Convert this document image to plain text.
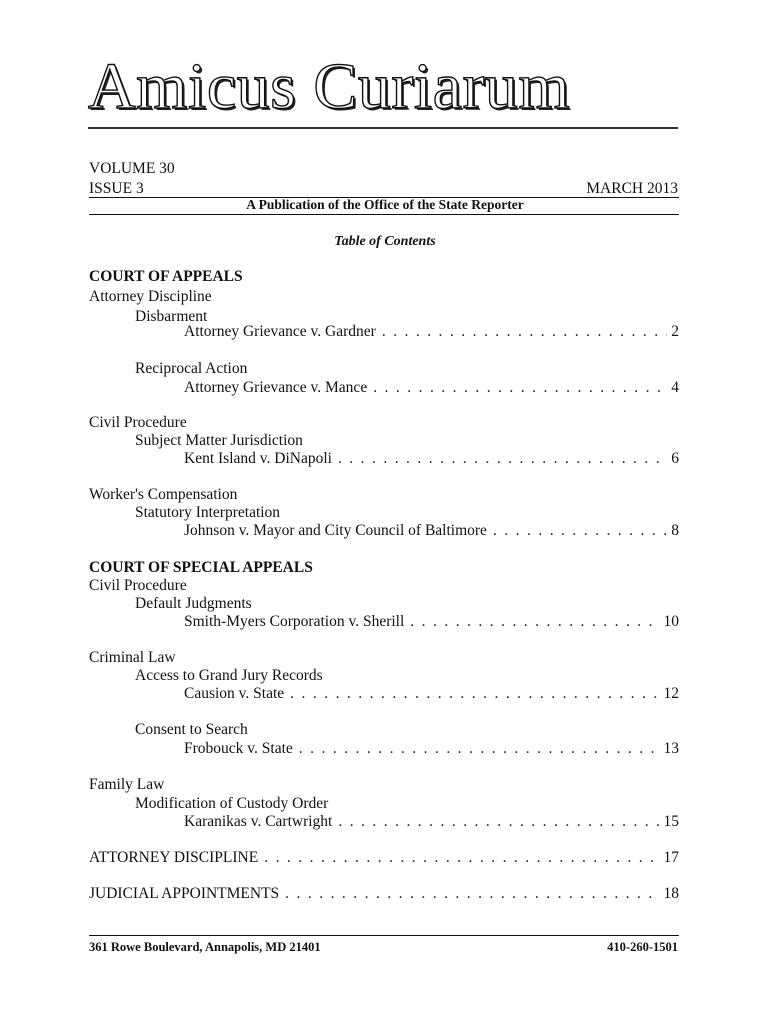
Amicus Curiarum
VOLUME 30
ISSUE 3	MARCH 2013
A Publication of the Office of the State Reporter
Table of Contents
COURT OF APPEALS
Attorney Discipline
Disbarment
Attorney Grievance v. Gardner . . .	2
Reciprocal Action
Attorney Grievance v. Mance . . .	4
Civil Procedure
Subject Matter Jurisdiction
Kent Island v. DiNapoli . . .	6
Worker's Compensation
Statutory Interpretation
Johnson v. Mayor and City Council of Baltimore . . .	8
COURT OF SPECIAL APPEALS
Civil Procedure
Default Judgments
Smith-Myers Corporation v. Sherill . . .	10
Criminal Law
Access to Grand Jury Records
Causion v. State . . .	12
Consent to Search
Frobouck v. State . . .	13
Family Law
Modification of Custody Order
Karanikas v. Cartwright . . .	15
ATTORNEY DISCIPLINE . . .	17
JUDICIAL APPOINTMENTS . . .	18
361 Rowe Boulevard, Annapolis, MD 21401	410-260-1501
